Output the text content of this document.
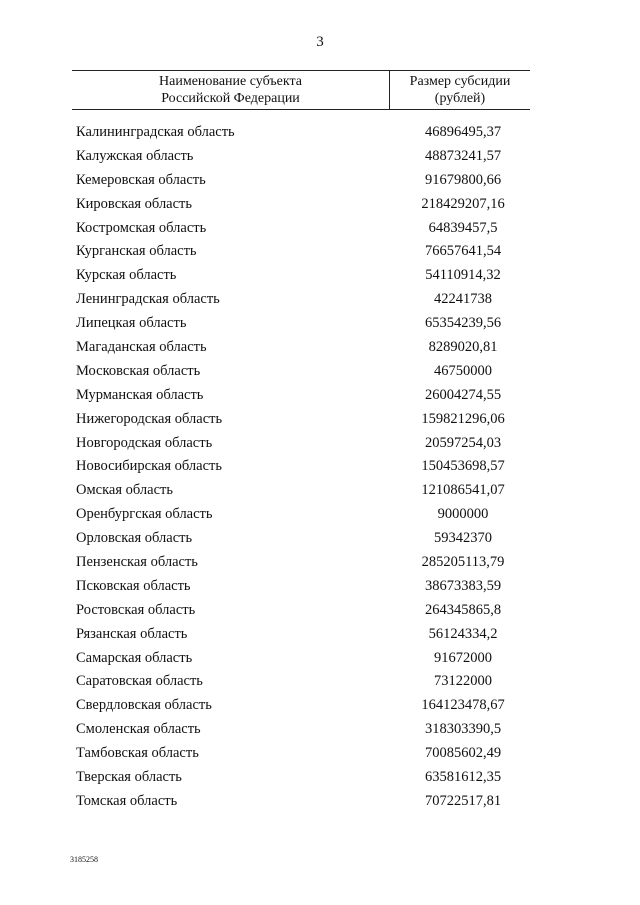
3
Наименование субъекта
Российской Федерации
Размер субсидии
(рублей)
Калининградская область	46896495,37
Калужская область	48873241,57
Кемеровская область	91679800,66
Кировская область	218429207,16
Костромская область	64839457,5
Курганская область	76657641,54
Курская область	54110914,32
Ленинградская область	42241738
Липецкая область	65354239,56
Магаданская область	8289020,81
Московская область	46750000
Мурманская область	26004274,55
Нижегородская область	159821296,06
Новгородская область	20597254,03
Новосибирская область	150453698,57
Омская область	121086541,07
Оренбургская область	9000000
Орловская область	59342370
Пензенская область	285205113,79
Псковская область	38673383,59
Ростовская область	264345865,8
Рязанская область	56124334,2
Самарская область	91672000
Саратовская область	73122000
Свердловская область	164123478,67
Смоленская область	318303390,5
Тамбовская область	70085602,49
Тверская область	63581612,35
Томская область	70722517,81
3185258
